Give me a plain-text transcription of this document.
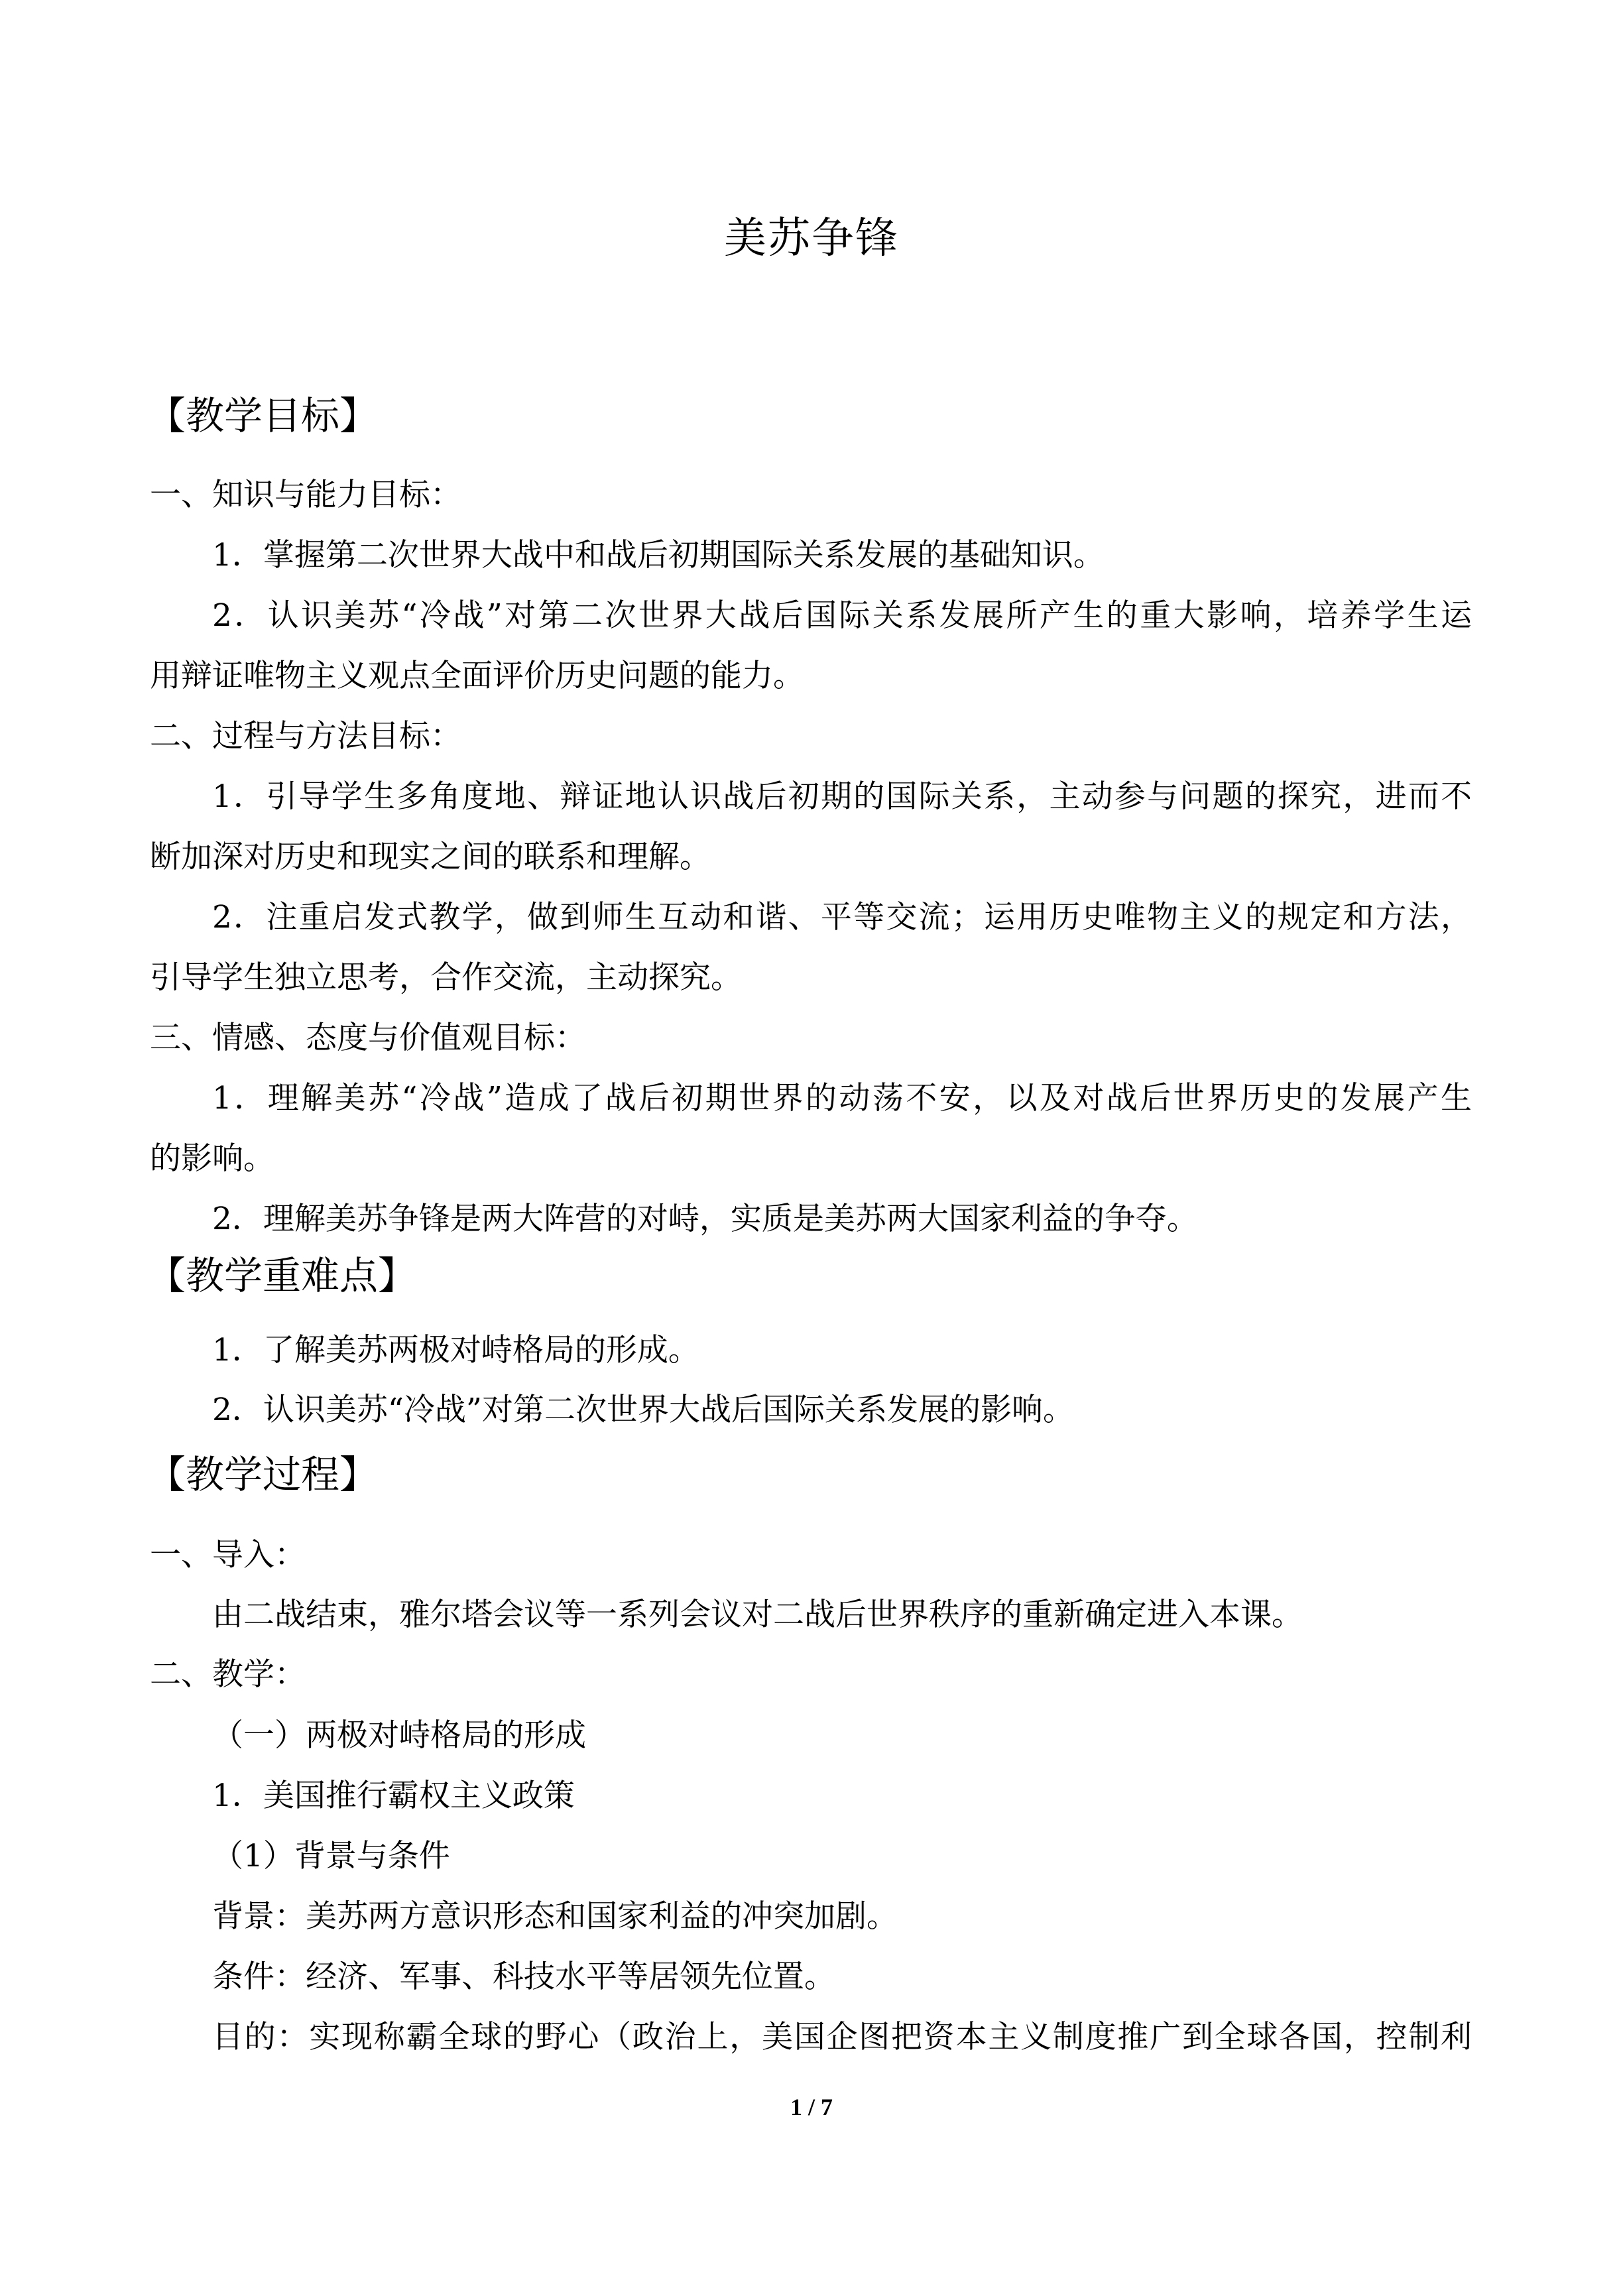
美苏争锋
【教学目标】
一、知识与能力目标：
1．掌握第二次世界大战中和战后初期国际关系发展的基础知识。
2．认识美苏“冷战”对第二次世界大战后国际关系发展所产生的重大影响，培养学生运
用辩证唯物主义观点全面评价历史问题的能力。
二、过程与方法目标：
1．引导学生多角度地、辩证地认识战后初期的国际关系，主动参与问题的探究，进而不
断加深对历史和现实之间的联系和理解。
2．注重启发式教学，做到师生互动和谐、平等交流；运用历史唯物主义的规定和方法，
引导学生独立思考，合作交流，主动探究。
三、情感、态度与价值观目标：
1．理解美苏“冷战”造成了战后初期世界的动荡不安，以及对战后世界历史的发展产生
的影响。
2．理解美苏争锋是两大阵营的对峙，实质是美苏两大国家利益的争夺。
【教学重难点】
1．了解美苏两极对峙格局的形成。
2．认识美苏“冷战”对第二次世界大战后国际关系发展的影响。
【教学过程】
一、导入：
由二战结束，雅尔塔会议等一系列会议对二战后世界秩序的重新确定进入本课。
二、教学：
（一）两极对峙格局的形成
1．美国推行霸权主义政策
（1）背景与条件
背景：美苏两方意识形态和国家利益的冲突加剧。
条件：经济、军事、科技水平等居领先位置。
目的：实现称霸全球的野心（政治上，美国企图把资本主义制度推广到全球各国，控制利
1 / 7
